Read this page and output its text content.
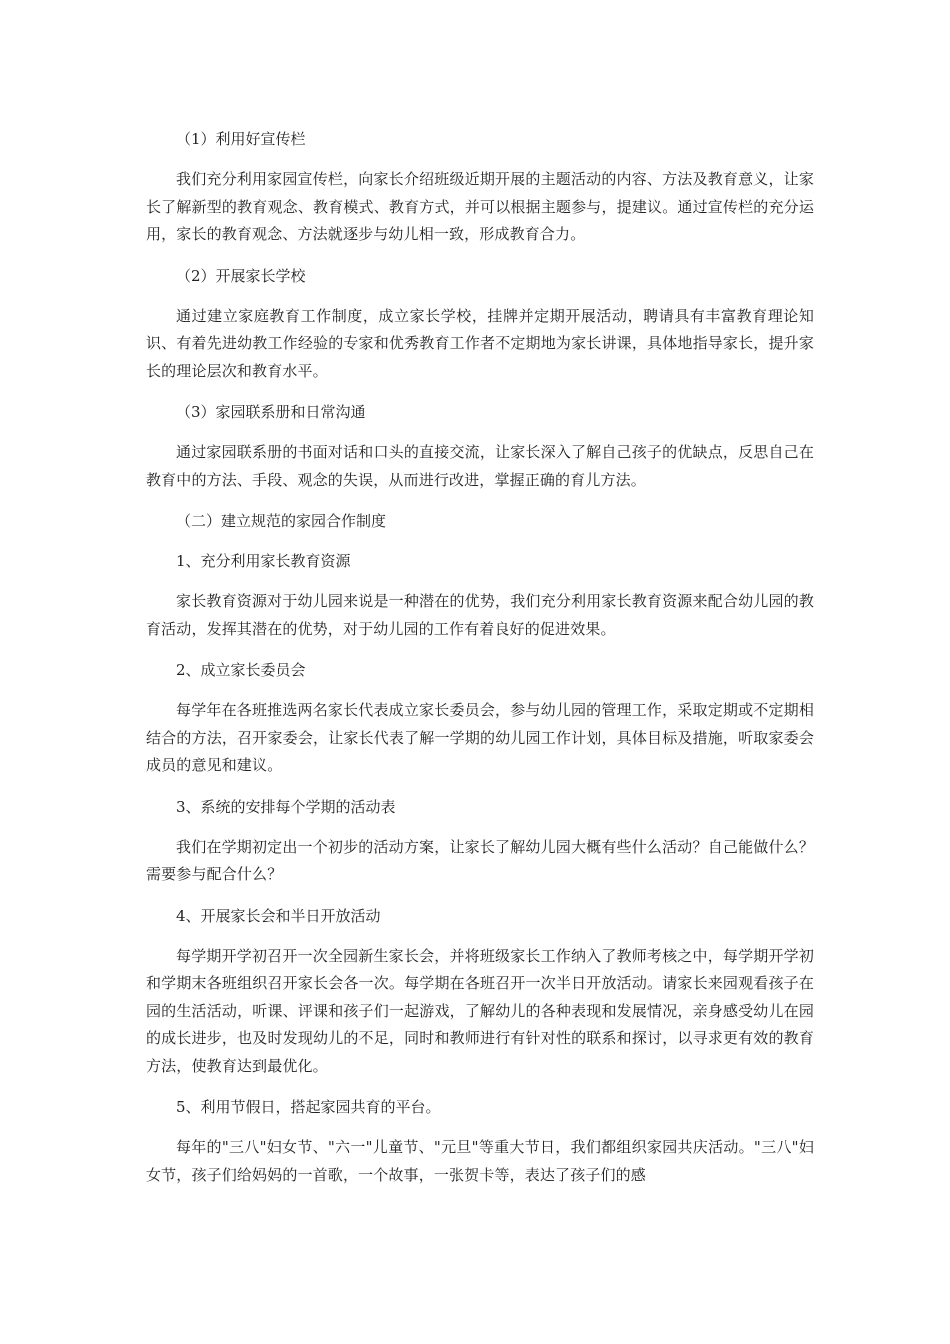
（1）利用好宣传栏

我们充分利用家园宣传栏，向家长介绍班级近期开展的主题活动的内容、方法及教育意义，让家长了解新型的教育观念、教育模式、教育方式，并可以根据主题参与，提建议。通过宣传栏的充分运用，家长的教育观念、方法就逐步与幼儿相一致，形成教育合力。

（2）开展家长学校

通过建立家庭教育工作制度，成立家长学校，挂牌并定期开展活动，聘请具有丰富教育理论知识、有着先进幼教工作经验的专家和优秀教育工作者不定期地为家长讲课，具体地指导家长，提升家长的理论层次和教育水平。

（3）家园联系册和日常沟通

通过家园联系册的书面对话和口头的直接交流，让家长深入了解自己孩子的优缺点，反思自己在教育中的方法、手段、观念的失误，从而进行改进，掌握正确的育儿方法。

（二）建立规范的家园合作制度
1、充分利用家长教育资源

家长教育资源对于幼儿园来说是一种潜在的优势，我们充分利用家长教育资源来配合幼儿园的教育活动，发挥其潜在的优势，对于幼儿园的工作有着良好的促进效果。

2、成立家长委员会

每学年在各班推选两名家长代表成立家长委员会，参与幼儿园的管理工作，采取定期或不定期相结合的方法，召开家委会，让家长代表了解一学期的幼儿园工作计划，具体目标及措施，听取家委会成员的意见和建议。

3、系统的安排每个学期的活动表

我们在学期初定出一个初步的活动方案，让家长了解幼儿园大概有些什么活动？自己能做什么？需要参与配合什么？

4、开展家长会和半日开放活动

每学期开学初召开一次全园新生家长会，并将班级家长工作纳入了教师考核之中，每学期开学初和学期末各班组织召开家长会各一次。每学期在各班召开一次半日开放活动。请家长来园观看孩子在园的生活活动，听课、评课和孩子们一起游戏，了解幼儿的各种表现和发展情况，亲身感受幼儿在园的成长进步，也及时发现幼儿的不足，同时和教师进行有针对性的联系和探讨，以寻求更有效的教育方法，使教育达到最优化。

5、利用节假日，搭起家园共育的平台。

每年的"三八"妇女节、"六一"儿童节、"元旦"等重大节日，我们都组织家园共庆活动。"三八"妇女节，孩子们给妈妈的一首歌，一个故事，一张贺卡等，表达了孩子们的感
